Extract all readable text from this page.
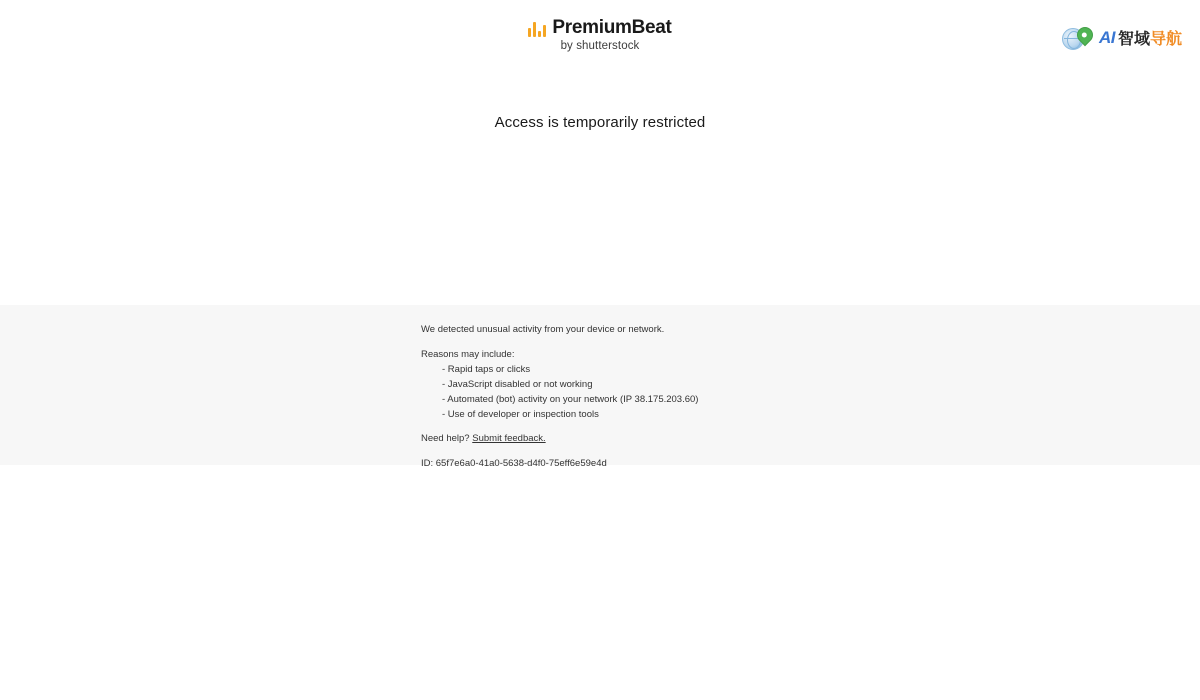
PremiumBeat
by shutterstock	AI 智域导航
Access is temporarily restricted

We detected unusual activity from your device or network.

Reasons may include:

- Rapid taps or clicks
- JavaScript disabled or not working
- Automated (bot) activity on your network (IP 38.175.203.60)
- Use of developer or inspection tools

Need help? Submit feedback.

ID: 65f7e6a0-41a0-5638-d4f0-75eff6e59e4d
